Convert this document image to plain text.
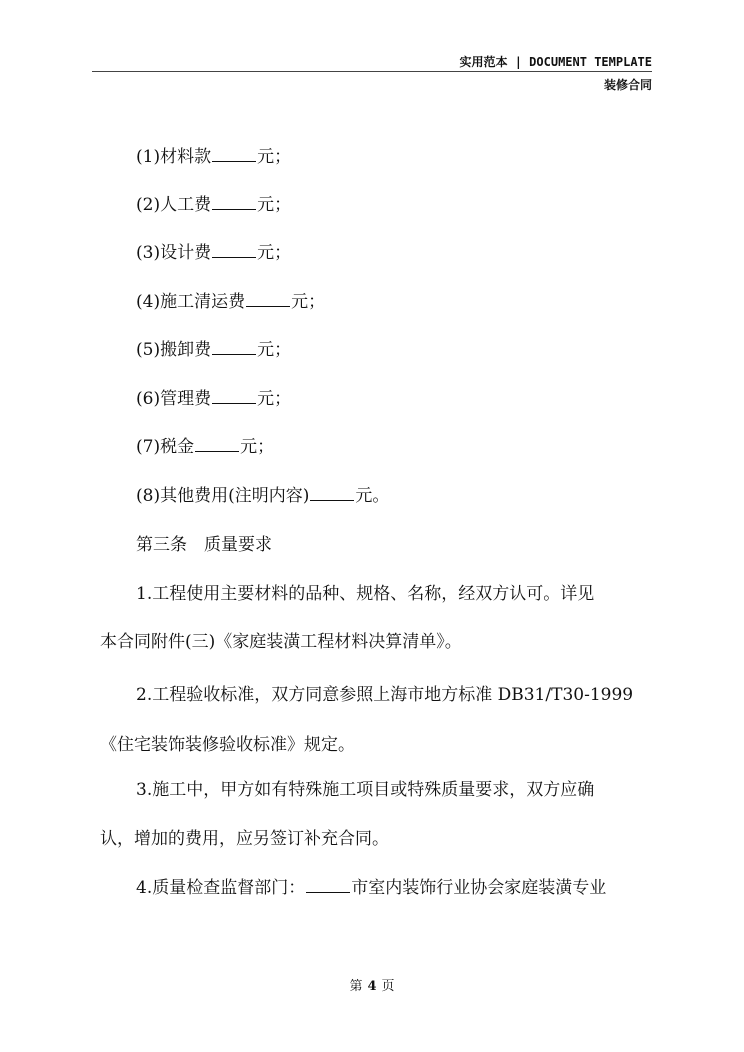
实用范本 | DOCUMENT TEMPLATE
装修合同
(1)材料款	元；
(2)人工费	元；
(3)设计费	元；
(4)施工清运费	元；
(5)搬卸费	元；
(6)管理费	元；
(7)税金	元；
(8)其他费用(注明内容)	元。
第三条　质量要求
1.工程使用主要材料的品种、规格、名称，经双方认可。详见
本合同附件(三)《家庭装潢工程材料决算清单》。
2.工程验收标准，双方同意参照上海市地方标准 DB31/T30-1999
《住宅装饰装修验收标准》规定。
3.施工中，甲方如有特殊施工项目或特殊质量要求，双方应确
认，增加的费用，应另签订补充合同。
4.质量检查监督部门：	市室内装饰行业协会家庭装潢专业
第 4 页
